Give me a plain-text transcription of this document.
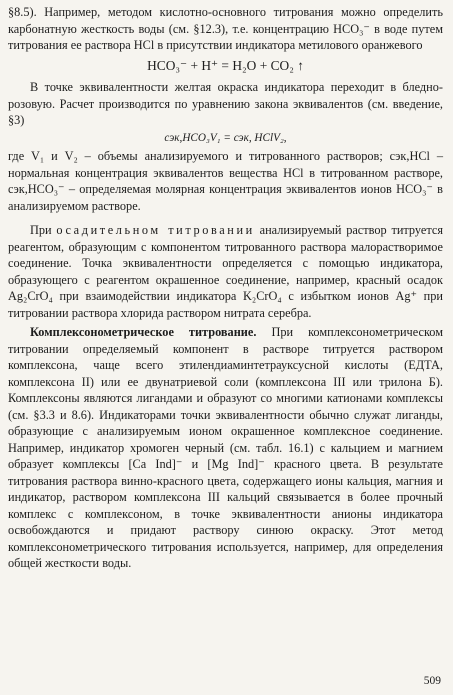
§8.5). Например, методом кислотно-основного титрования можно определить карбонатную жесткость воды (см. §12.3), т.е. концентрацию HCO₃⁻ в воде путем титрования ее раствора HCl в присутствии индикатора метилового оранжевого

HCO₃⁻ + H⁺ = H₂O + CO₂ ↑

В точке эквивалентности желтая окраска индикатора переходит в бледно-розовую. Расчет производится по уравнению закона эквивалентов (см. введение, §3)

cэк,HCO₃V₁ = cэк, HClV₂,

где V₁ и V₂ – объемы анализируемого и титрованного растворов; cэк,HCl – нормальная концентрация эквивалентов вещества HCl в титрованном растворе, cэк,HCO₃⁻ – определяемая молярная концентрация эквивалентов ионов HCO₃⁻ в анализируемом растворе.

При осадительном титровании анализируемый раствор титруется реагентом, образующим с компонентом титрованного раствора малорастворимое соединение. Точка эквивалентности определяется с помощью индикатора, образующего с реагентом окрашенное соединение, например, красный осадок Ag₂CrO₄ при взаимодействии индикатора K₂CrO₄ с избытком ионов Ag⁺ при титровании раствора хлорида раствором нитрата серебра.

Комплексонометрическое титрование. При комплексонометрическом титровании определяемый компонент в растворе титруется раствором комплексона, чаще всего этилендиаминтетрауксусной кислоты (ЕДТА, комплексона II) или ее двунатриевой соли (комплексона III или трилона Б). Комплексоны являются лигандами и образуют со многими катионами комплексы (см. §3.3 и 8.6). Индикаторами точки эквивалентности обычно служат лиганды, образующие с анализируемым ионом окрашенное комплексное соединение. Например, индикатор хромоген черный (см. табл. 16.1) с кальцием и магнием образует комплексы [Ca Ind]⁻ и [Mg Ind]⁻ красного цвета. В результате титрования раствора винно-красного цвета, содержащего ионы кальция, магния и индикатор, раствором комплексона III кальций связывается в более прочный комплекс с комплексоном, в точке эквивалентности анионы индикатора освобождаются и придают раствору синюю окраску. Этот метод комплексонометрического титрования используется, например, для определения общей жесткости воды.

509
